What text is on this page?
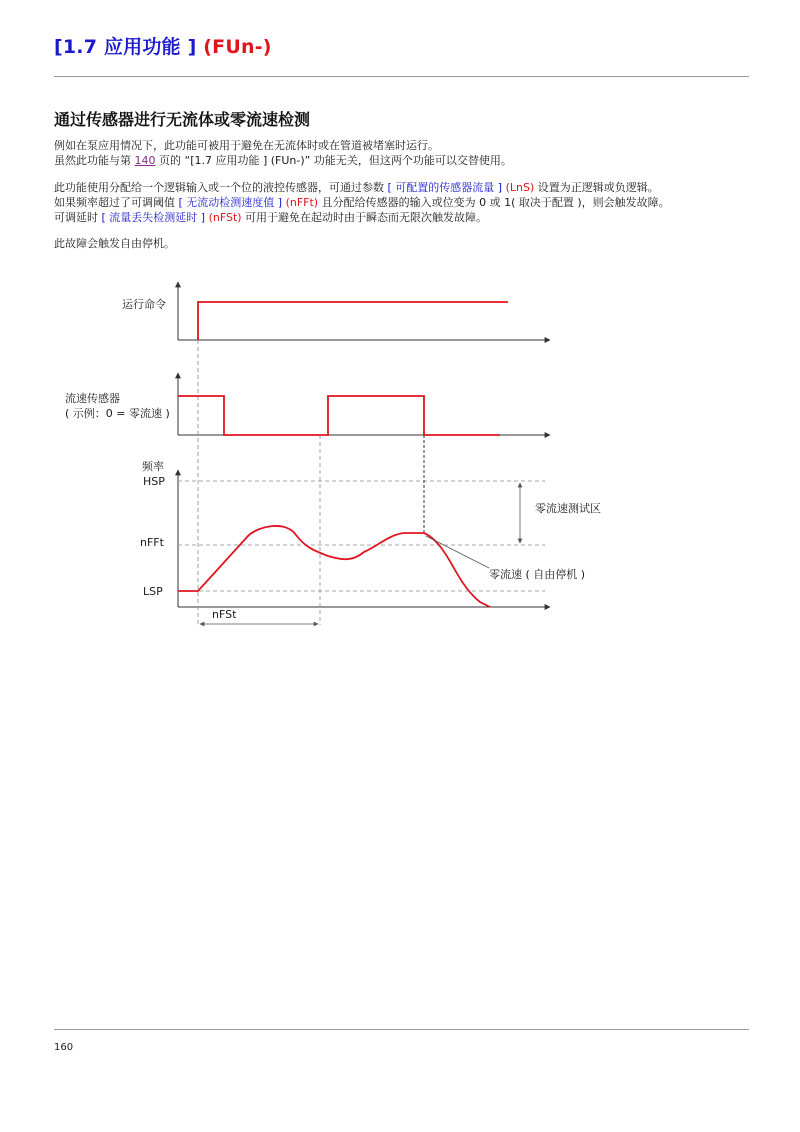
[1.7 应用功能 ] (FUn-)
通过传感器进行无流体或零流速检测

例如在泵应用情况下，此功能可被用于避免在无流体时或在管道被堵塞时运行。

虽然此功能与第 140 页的 “[1.7 应用功能 ] (FUn-)” 功能无关，但这两个功能可以交替使用。

此功能使用分配给一个逻辑输入或一个位的液控传感器，可通过参数 [ 可配置的传感器流量 ] (LnS) 设置为正逻辑或负逻辑。

如果频率超过了可调阈值 [ 无流动检测速度值 ] (nFFt) 且分配给传感器的输入或位变为 0 或 1( 取决于配置 )，则会触发故障。

可调延时 [ 流量丢失检测延时 ] (nFSt) 可用于避免在起动时由于瞬态而无限次触发故障。

此故障会触发自由停机。

运行命令
流速传感器
( 示例：0 = 零流速 )
频率
HSP
nFFt
LSP
nFSt
零流速测试区
零流速 ( 自由停机 )
160
